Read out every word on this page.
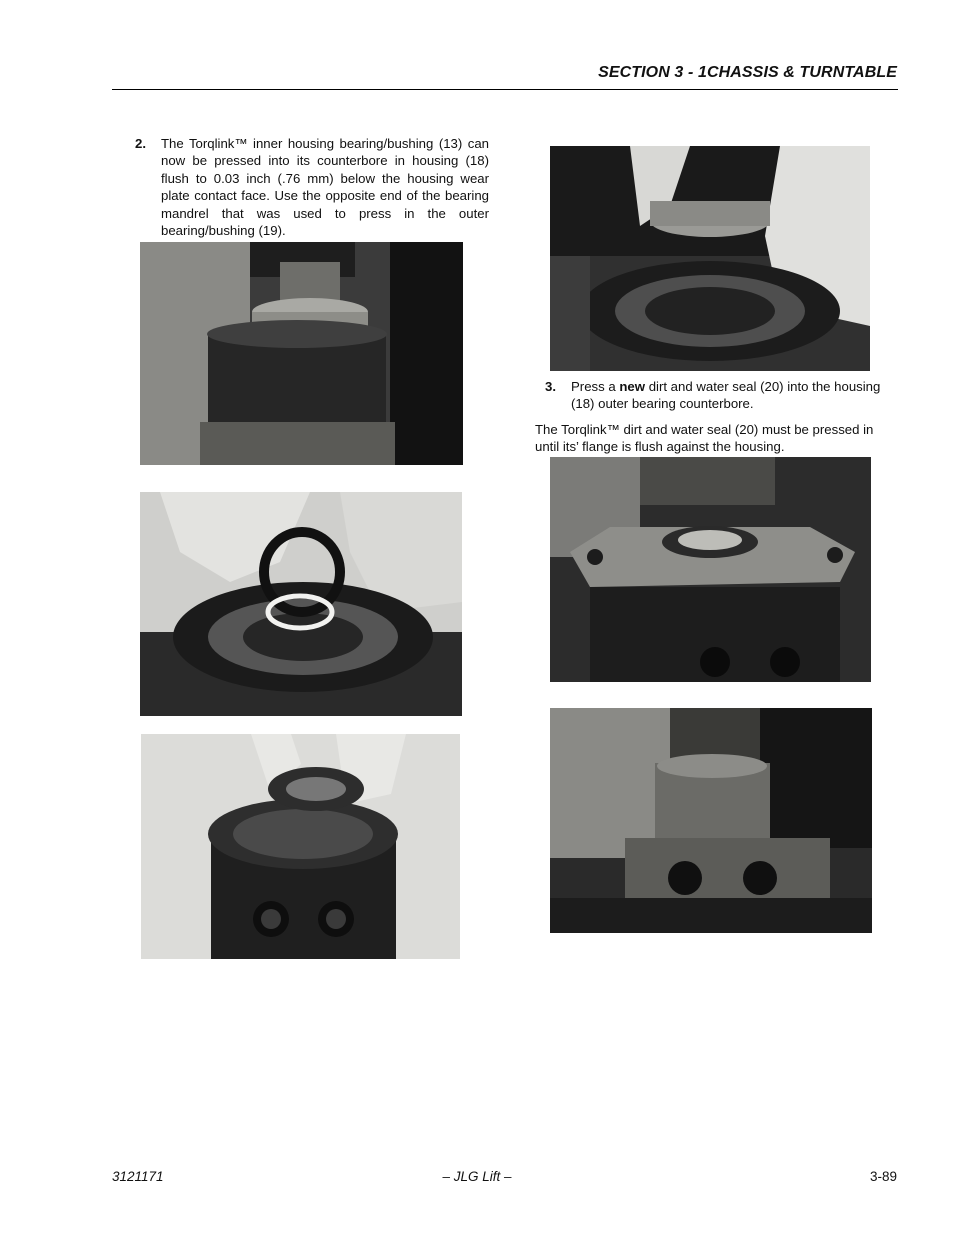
SECTION 3 - 1CHASSIS & TURNTABLE
2. The Torqlink™ inner housing bearing/bushing (13) can now be pressed into its counterbore in housing (18) flush to 0.03 inch (.76 mm) below the housing wear plate contact face. Use the opposite end of the bearing mandrel that was used to press in the outer bearing/bushing (19).
3. Press a new dirt and water seal (20) into the housing (18) outer bearing counterbore.
The Torqlink™ dirt and water seal (20) must be pressed in until its’ flange is flush against the housing.
3121171	– JLG Lift –	3-89
